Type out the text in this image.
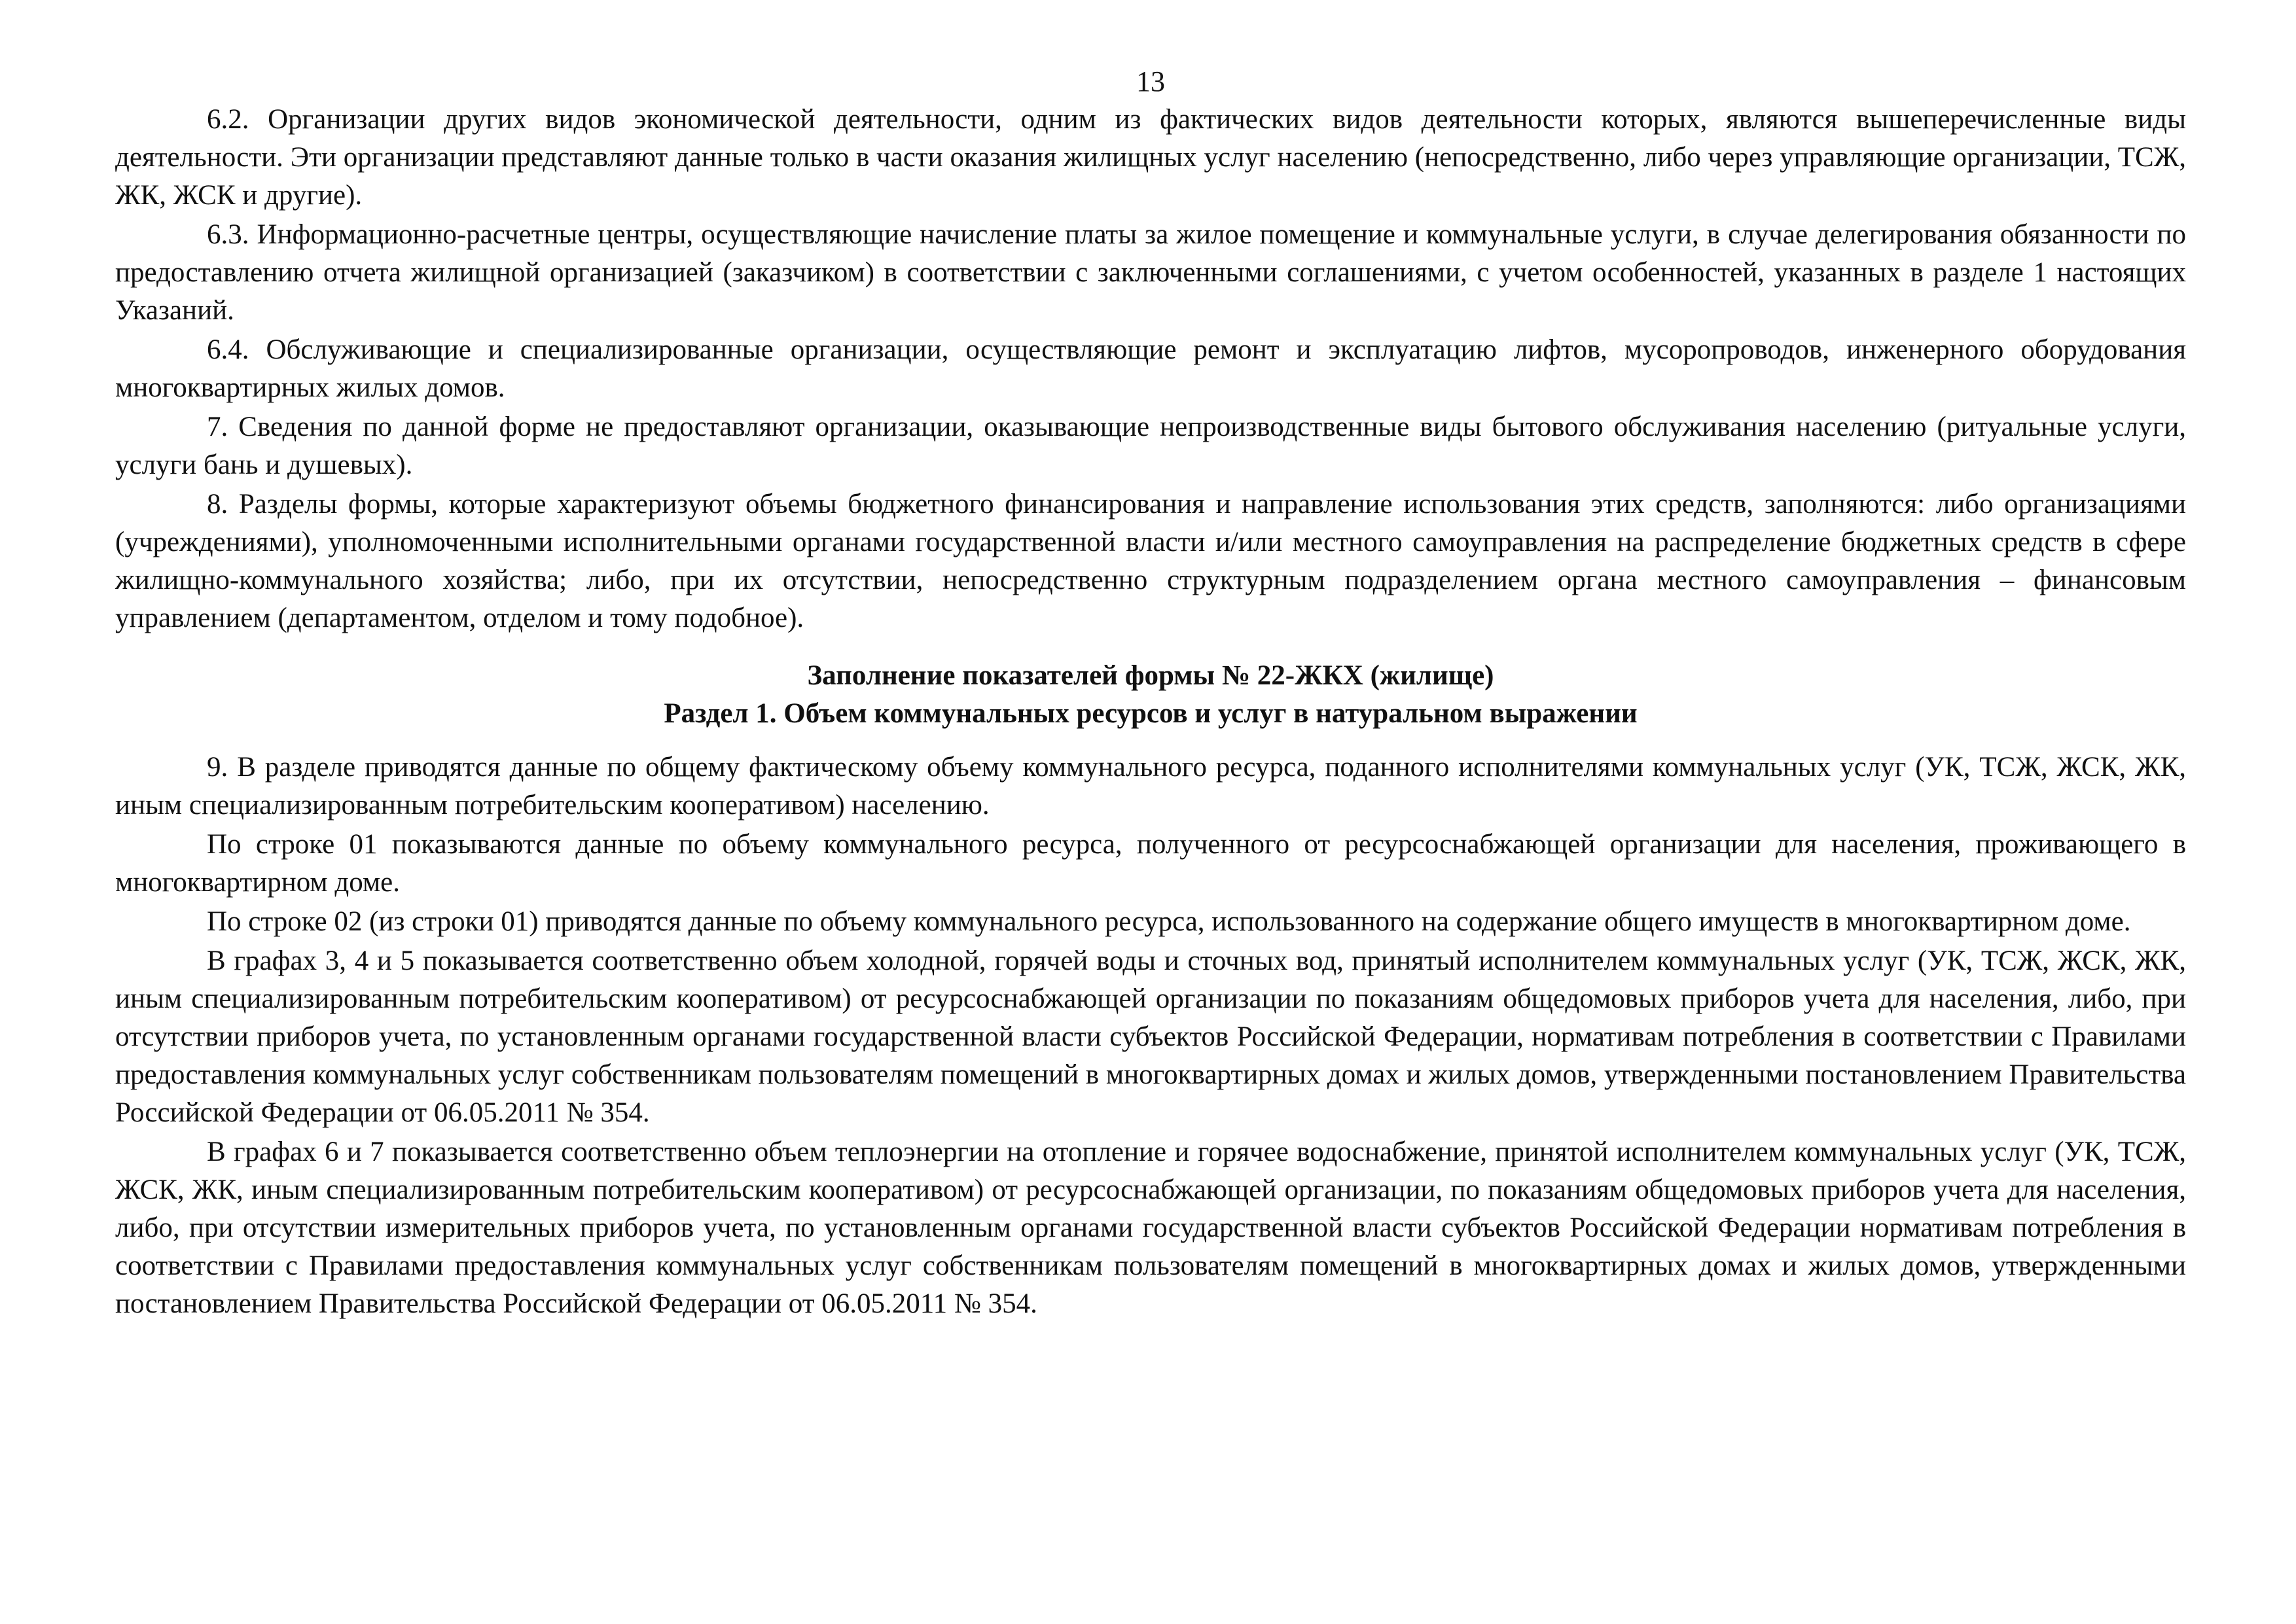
13

6.2. Организации других видов экономической деятельности, одним из фактических видов деятельности которых, являются вышеперечисленные виды деятельности. Эти организации представляют данные только в части оказания жилищных услуг населению (непосредственно, либо через управляющие организации, ТСЖ, ЖК, ЖСК и другие).

6.3. Информационно-расчетные центры, осуществляющие начисление платы за жилое помещение и коммунальные услуги, в случае делегирования обязанности по предоставлению отчета жилищной организацией (заказчиком) в соответствии с заключенными соглашениями, с учетом особенностей, указанных в разделе 1 настоящих Указаний.

6.4. Обслуживающие и специализированные организации, осуществляющие ремонт и эксплуатацию лифтов, мусоропроводов, инженерного оборудования многоквартирных жилых домов.

7. Сведения по данной форме не предоставляют организации, оказывающие непроизводственные виды бытового обслуживания населению (ритуальные услуги, услуги бань и душевых).

8. Разделы формы, которые характеризуют объемы бюджетного финансирования и направление использования этих средств, заполняются: либо организациями (учреждениями), уполномоченными исполнительными органами государственной власти и/или местного самоуправления на распределение бюджетных средств в сфере жилищно-коммунального хозяйства; либо, при их отсутствии, непосредственно структурным подразделением органа местного самоуправления – финансовым управлением (департаментом, отделом и тому подобное).

Заполнение показателей формы № 22-ЖКХ (жилище)

Раздел 1. Объем коммунальных ресурсов и услуг в натуральном выражении

9. В разделе приводятся данные по общему фактическому объему коммунального ресурса, поданного исполнителями коммунальных услуг (УК, ТСЖ, ЖСК, ЖК, иным специализированным потребительским кооперативом) населению.

По строке 01 показываются данные по объему коммунального ресурса, полученного от ресурсоснабжающей организации для населения, проживающего в многоквартирном доме.

По строке 02 (из строки 01) приводятся данные по объему коммунального ресурса, использованного на содержание общего имуществ в многоквартирном доме.

В графах 3, 4 и 5 показывается соответственно объем холодной, горячей воды и сточных вод, принятый исполнителем коммунальных услуг (УК, ТСЖ, ЖСК, ЖК, иным специализированным потребительским кооперативом) от ресурсоснабжающей организации по показаниям общедомовых приборов учета для населения, либо, при отсутствии приборов учета, по установленным органами государственной власти субъектов Российской Федерации, нормативам потребления в соответствии с Правилами предоставления коммунальных услуг собственникам пользователям помещений в многоквартирных домах и жилых домов, утвержденными постановлением Правительства Российской Федерации от 06.05.2011 № 354.

В графах 6 и 7 показывается соответственно объем теплоэнергии на отопление и горячее водоснабжение, принятой исполнителем коммунальных услуг (УК, ТСЖ, ЖСК, ЖК, иным специализированным потребительским кооперативом) от ресурсоснабжающей организации, по показаниям общедомовых приборов учета для населения, либо, при отсутствии измерительных приборов учета, по установленным органами государственной власти субъектов Российской Федерации нормативам потребления в соответствии с Правилами предоставления коммунальных услуг собственникам пользователям помещений в многоквартирных домах и жилых домов, утвержденными постановлением Правительства Российской Федерации от 06.05.2011 № 354.
